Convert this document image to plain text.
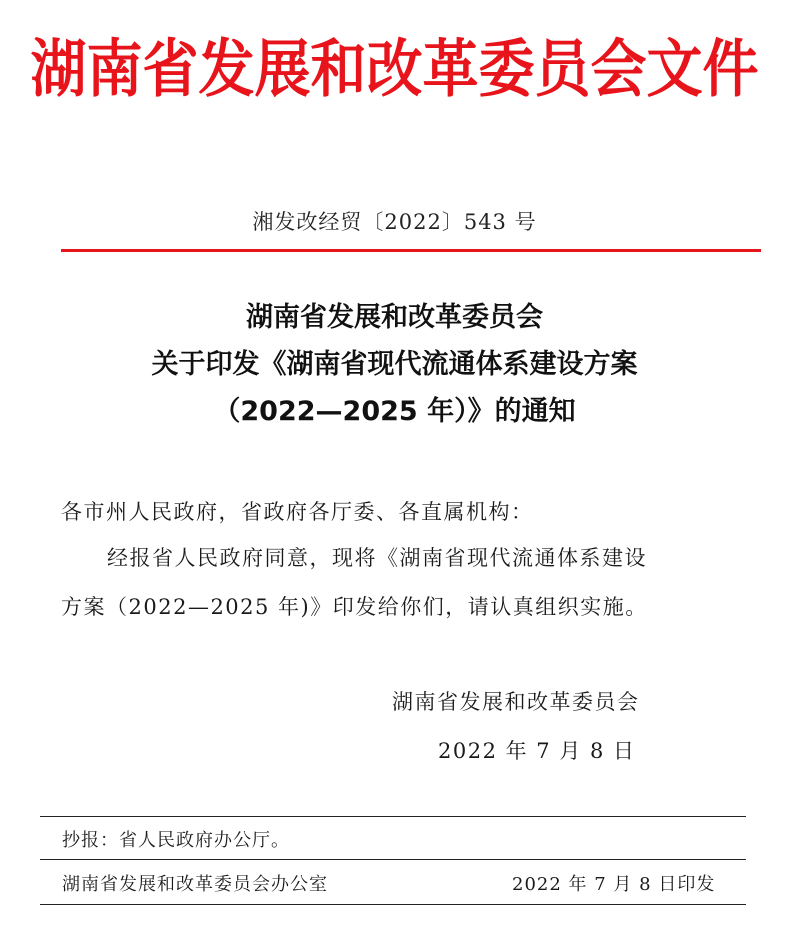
湖南省发展和改革委员会文件
湘发改经贸〔2022〕543 号
湖南省发展和改革委员会
关于印发《湖南省现代流通体系建设方案
（2022—2025 年）》的通知
各市州人民政府，省政府各厅委、各直属机构：
经报省人民政府同意，现将《湖南省现代流通体系建设
方案（2022—2025 年)》印发给你们，请认真组织实施。
湖南省发展和改革委员会
2022 年 7 月 8 日
抄报：省人民政府办公厅。
湖南省发展和改革委员会办公室	2022 年 7 月 8 日印发
